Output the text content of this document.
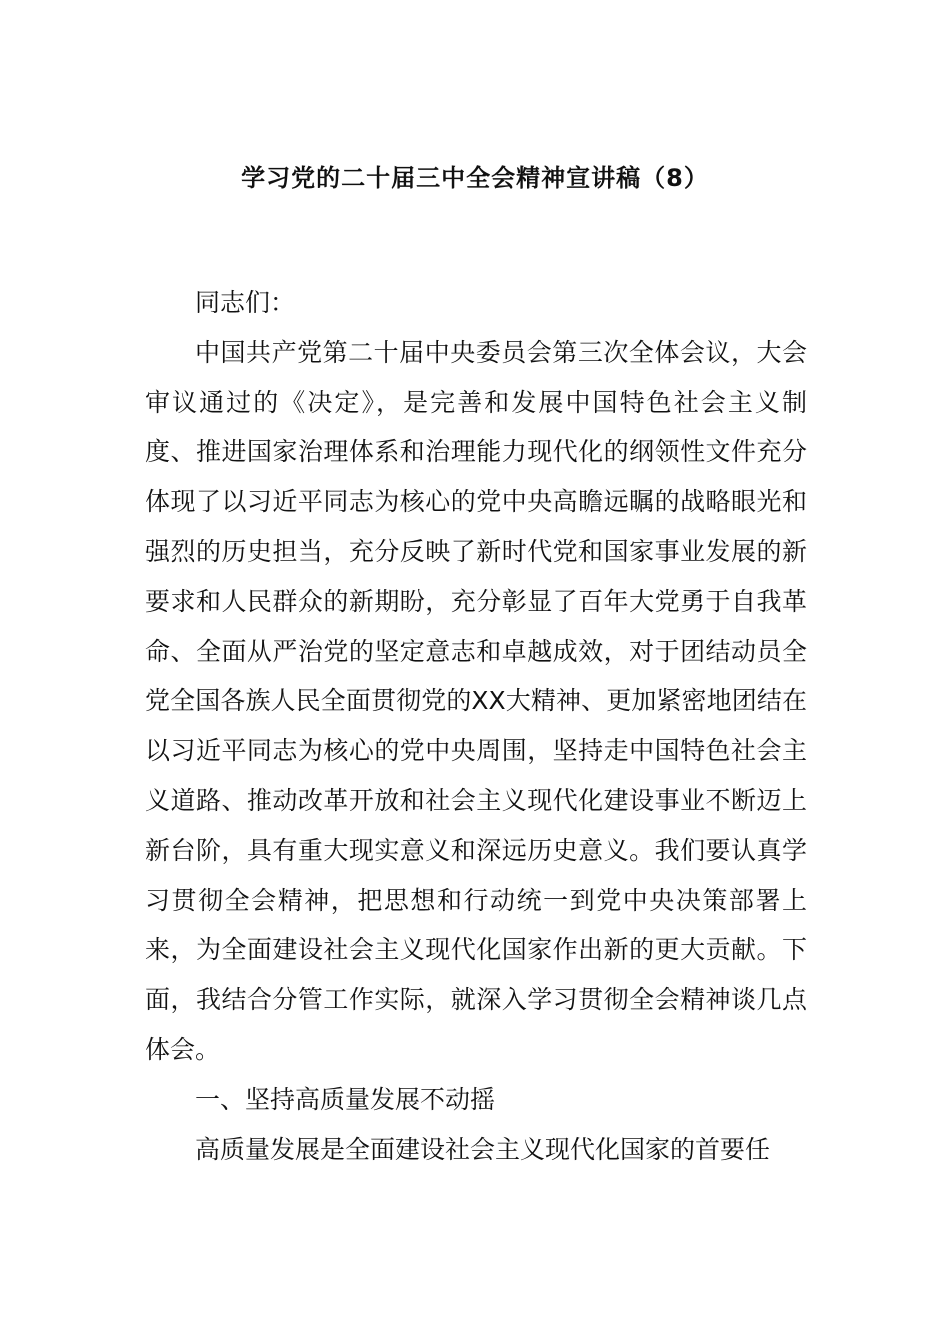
学习党的二十届三中全会精神宣讲稿（8）

同志们：

中国共产党第二十届中央委员会第三次全体会议，大会审议通过的《决定》，是完善和发展中国特色社会主义制度、推进国家治理体系和治理能力现代化的纲领性文件充分体现了以习近平同志为核心的党中央高瞻远瞩的战略眼光和强烈的历史担当，充分反映了新时代党和国家事业发展的新要求和人民群众的新期盼，充分彰显了百年大党勇于自我革命、全面从严治党的坚定意志和卓越成效，对于团结动员全党全国各族人民全面贯彻党的XX大精神、更加紧密地团结在以习近平同志为核心的党中央周围，坚持走中国特色社会主义道路、推动改革开放和社会主义现代化建设事业不断迈上新台阶，具有重大现实意义和深远历史意义。我们要认真学习贯彻全会精神，把思想和行动统一到党中央决策部署上来，为全面建设社会主义现代化国家作出新的更大贡献。下面，我结合分管工作实际，就深入学习贯彻全会精神谈几点体会。

一、坚持高质量发展不动摇

高质量发展是全面建设社会主义现代化国家的首要任
